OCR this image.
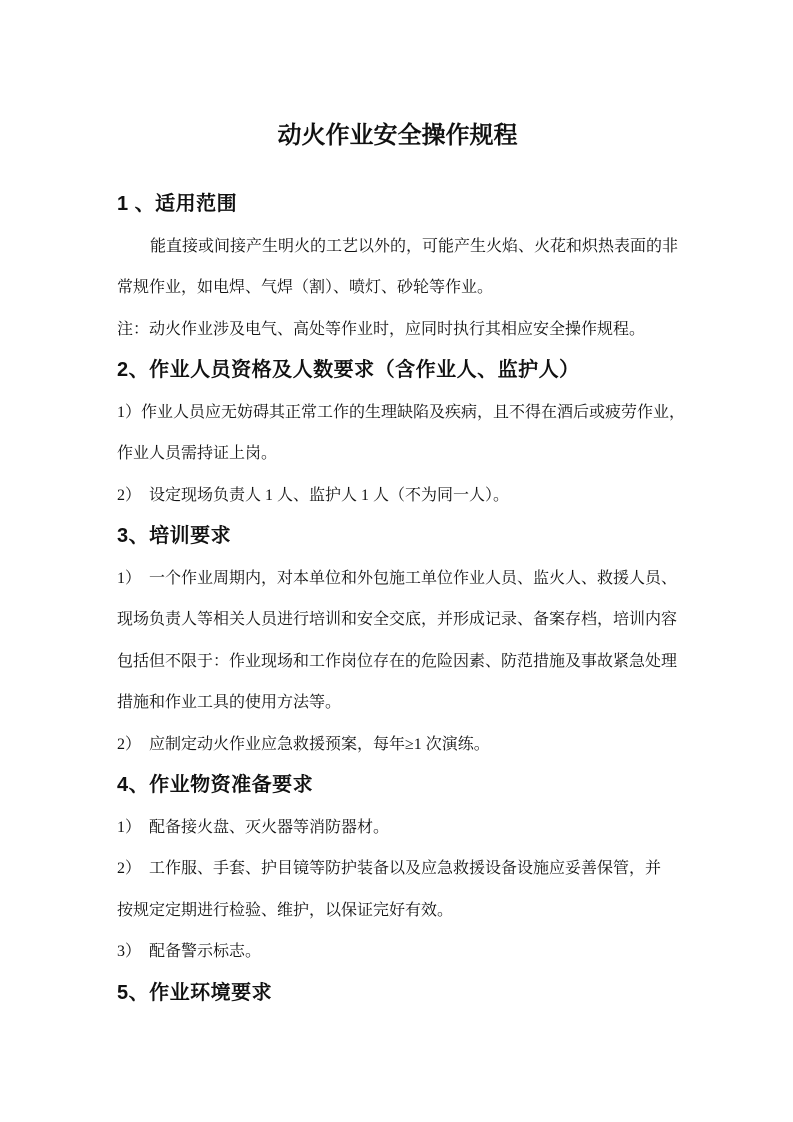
动火作业安全操作规程
1 、适用范围
能直接或间接产生明火的工艺以外的，可能产生火焰、火花和炽热表面的非
常规作业，如电焊、气焊（割）、喷灯、砂轮等作业。
注：动火作业涉及电气、高处等作业时，应同时执行其相应安全操作规程。
2、作业人员资格及人数要求（含作业人、监护人）
1）作业人员应无妨碍其正常工作的生理缺陷及疾病，且不得在酒后或疲劳作业，
作业人员需持证上岗。
2）　设定现场负责人 1 人、监护人 1 人（不为同一人）。
3、培训要求
1）　一个作业周期内，对本单位和外包施工单位作业人员、监火人、救援人员、
现场负责人等相关人员进行培训和安全交底，并形成记录、备案存档，培训内容
包括但不限于：作业现场和工作岗位存在的危险因素、防范措施及事故紧急处理
措施和作业工具的使用方法等。
2）　应制定动火作业应急救援预案，每年≥1 次演练。
4、作业物资准备要求
1）　配备接火盘、灭火器等消防器材。
2）　工作服、手套、护目镜等防护装备以及应急救援设备设施应妥善保管，并
按规定定期进行检验、维护，以保证完好有效。
3）　配备警示标志。
5、作业环境要求
